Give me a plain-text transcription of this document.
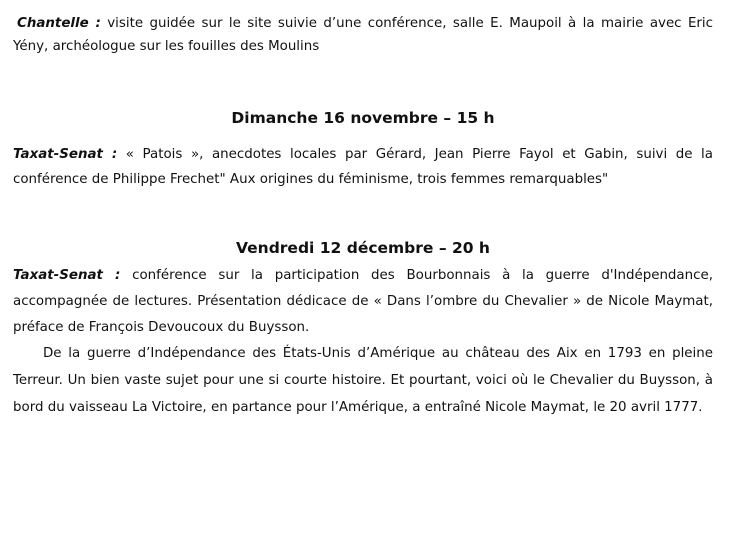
Chantelle : visite guidée sur le site suivie d’une conférence, salle E. Maupoil à la mairie avec Eric
Yény, archéologue sur les fouilles des Moulins
Dimanche 16 novembre – 15 h
Taxat-Senat : « Patois », anecdotes locales par Gérard, Jean Pierre Fayol et Gabin, suivi de la
conférence de Philippe Frechet" Aux origines du féminisme, trois femmes remarquables"
Vendredi 12 décembre – 20 h
Taxat-Senat : conférence sur la participation des Bourbonnais à la guerre d'Indépendance,
accompagnée de lectures. Présentation dédicace de « Dans l’ombre du Chevalier » de Nicole Maymat,
préface de François Devoucoux du Buysson.
De la guerre d’Indépendance des États-Unis d’Amérique au château des Aix en 1793 en pleine
Terreur. Un bien vaste sujet pour une si courte histoire. Et pourtant, voici où le Chevalier du Buysson, à
bord du vaisseau La Victoire, en partance pour l’Amérique, a entraîné Nicole Maymat, le 20 avril 1777.
